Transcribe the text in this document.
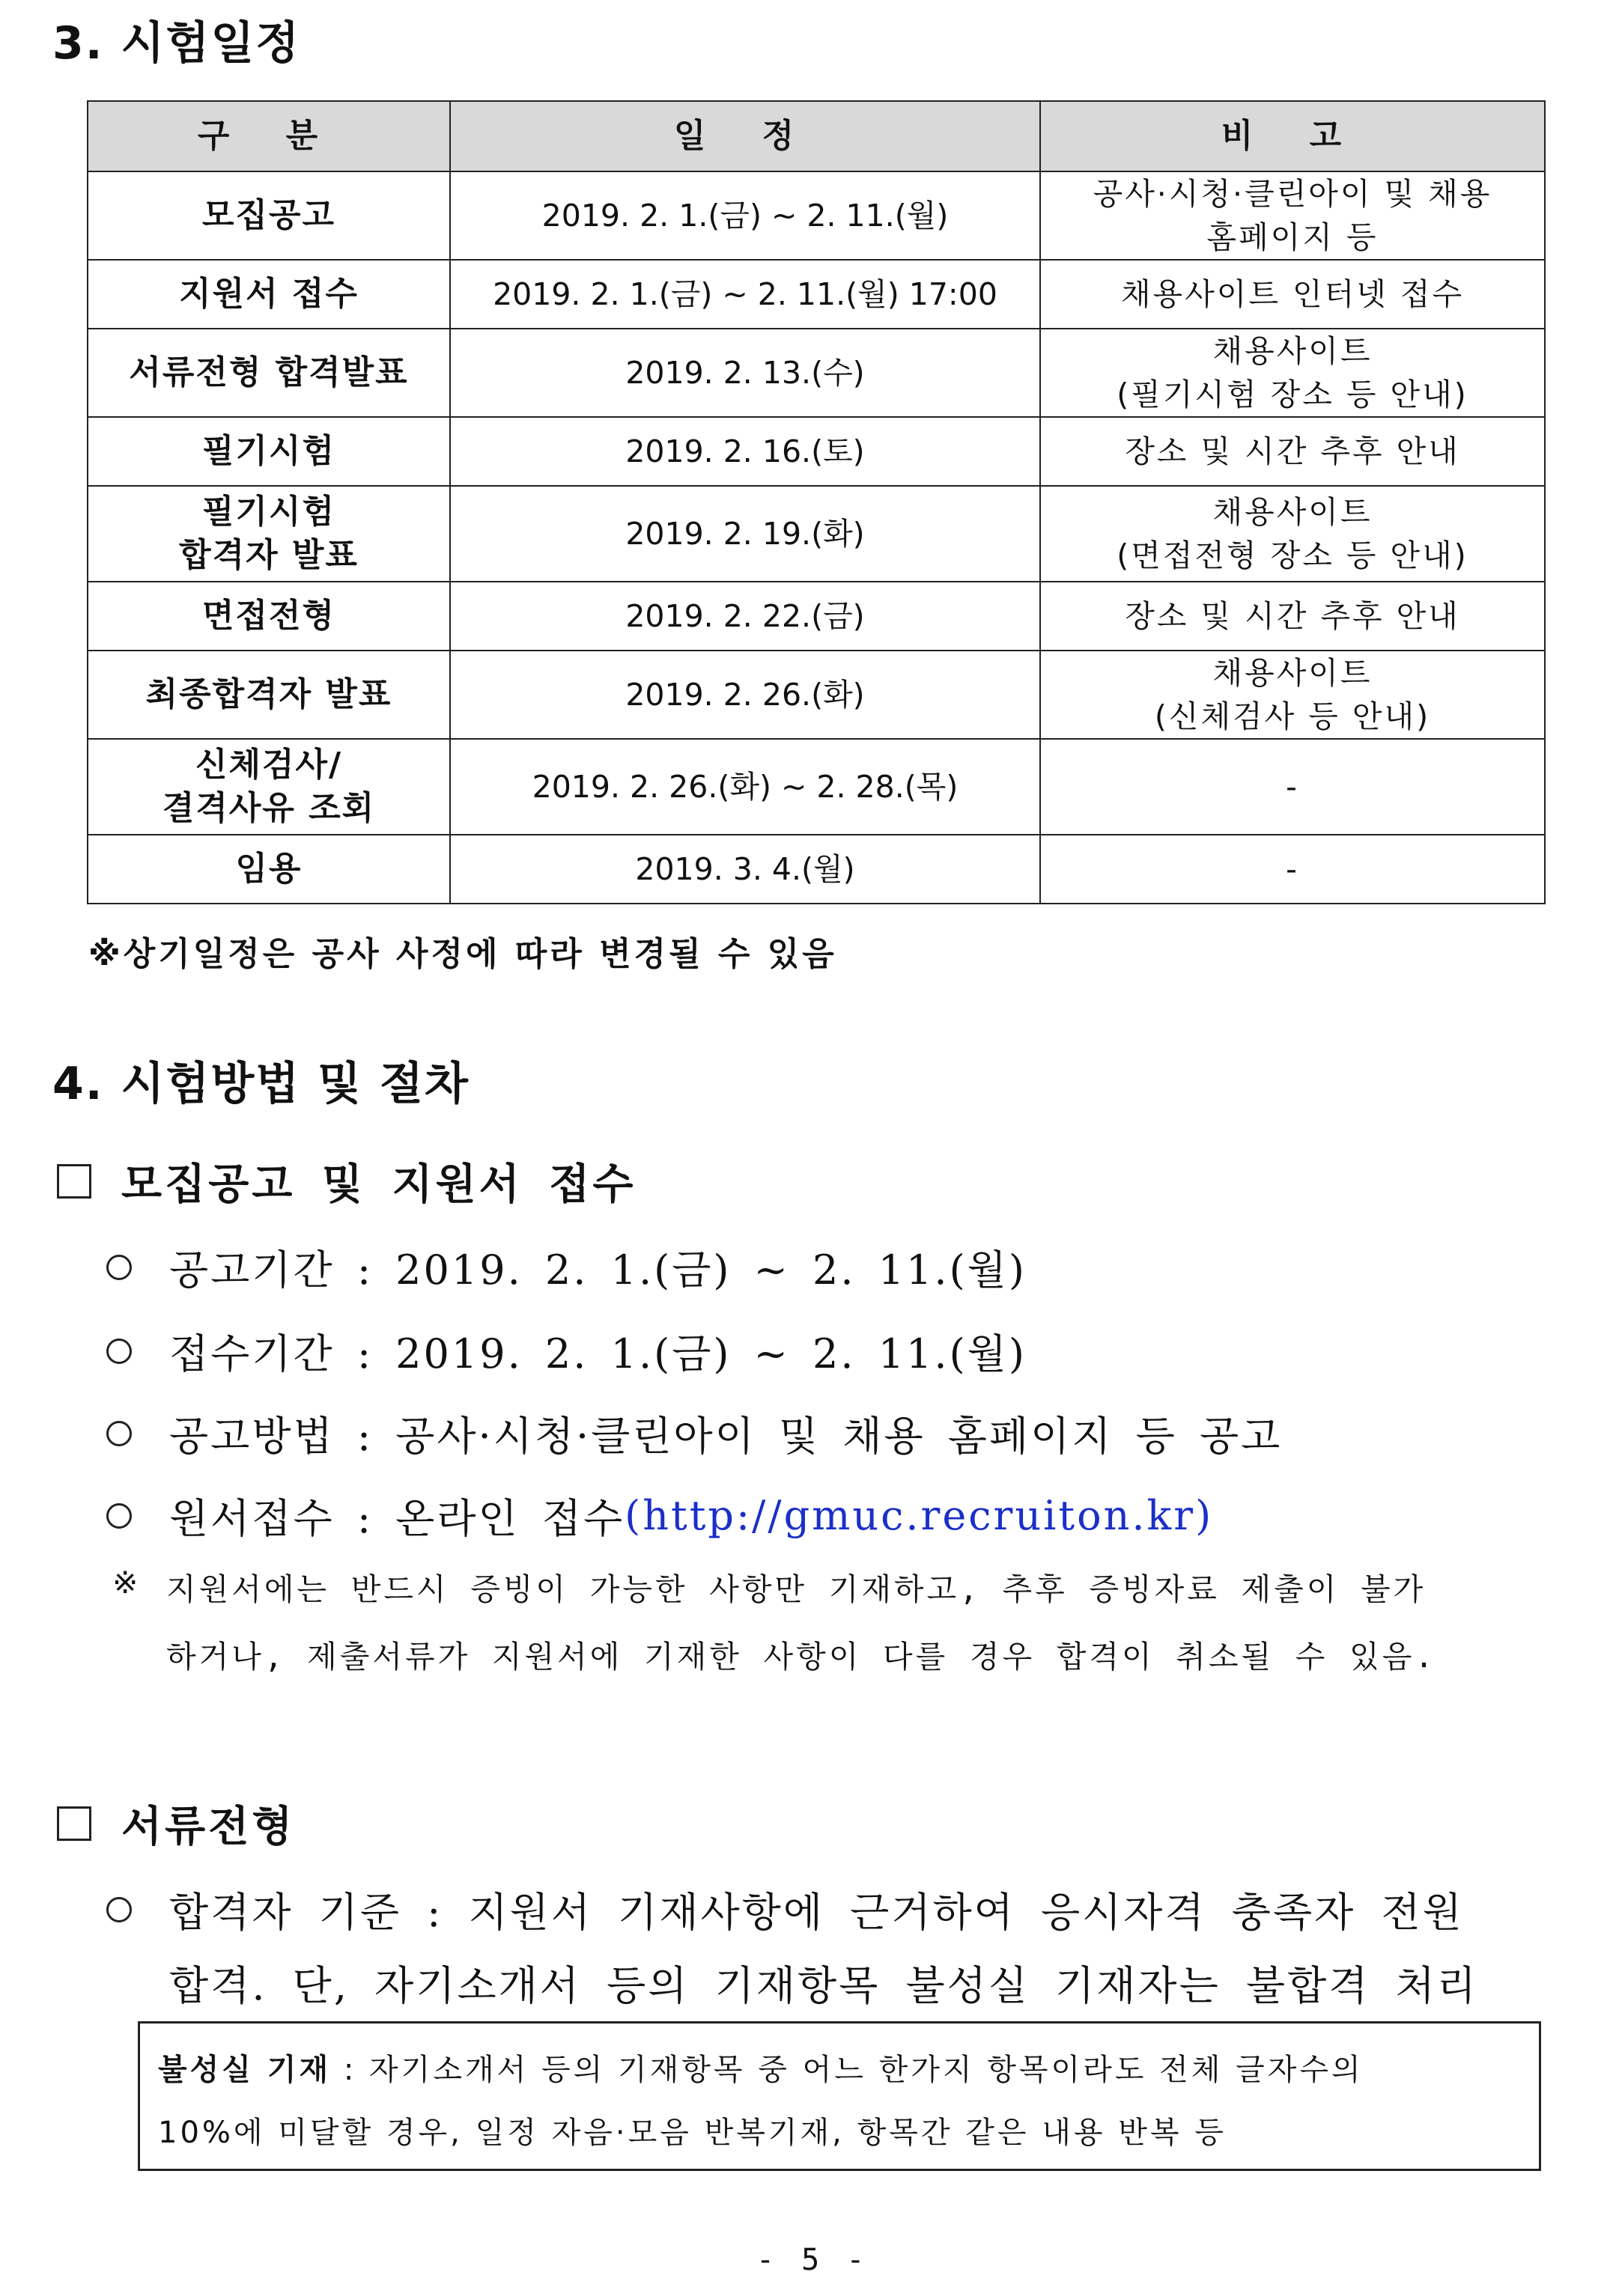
3. 시험일정
구 분	일 정	비 고
모집공고	2019. 2. 1.(금) ~ 2. 11.(월)	공사·시청·클린아이 및 채용
홈페이지 등
지원서 접수	2019. 2. 1.(금) ~ 2. 11.(월) 17:00	채용사이트 인터넷 접수
서류전형 합격발표	2019. 2. 13.(수)	채용사이트
(필기시험 장소 등 안내)
필기시험	2019. 2. 16.(토)	장소 및 시간 추후 안내
필기시험
합격자 발표	2019. 2. 19.(화)	채용사이트
(면접전형 장소 등 안내)
면접전형	2019. 2. 22.(금)	장소 및 시간 추후 안내
최종합격자 발표	2019. 2. 26.(화)	채용사이트
(신체검사 등 안내)
신체검사/
결격사유 조회	2019. 2. 26.(화) ~ 2. 28.(목)	-
임용	2019. 3. 4.(월)	-
※상기일정은 공사 사정에 따라 변경될 수 있음
4. 시험방법 및 절차
모집공고 및 지원서 접수
공고기간 : 2019. 2. 1.(금) ~ 2. 11.(월)
접수기간 : 2019. 2. 1.(금) ~ 2. 11.(월)
공고방법 : 공사·시청·클린아이 및 채용 홈페이지 등 공고
원서접수 : 온라인 접수 (http://gmuc.recruiton.kr)
※ 지원서에는 반드시 증빙이 가능한 사항만 기재하고, 추후 증빙자료 제출이 불가
하거나, 제출서류가 지원서에 기재한 사항이 다를 경우 합격이 취소될 수 있음.
서류전형
합격자 기준 : 지원서 기재사항에 근거하여 응시자격 충족자 전원
합격. 단, 자기소개서 등의 기재항목 불성실 기재자는 불합격 처리
불성실 기재 : 자기소개서 등의 기재항목 중 어느 한가지 항목이라도 전체 글자수의
10%에 미달할 경우, 일정 자음·모음 반복기재, 항목간 같은 내용 반복 등
- 5 -
